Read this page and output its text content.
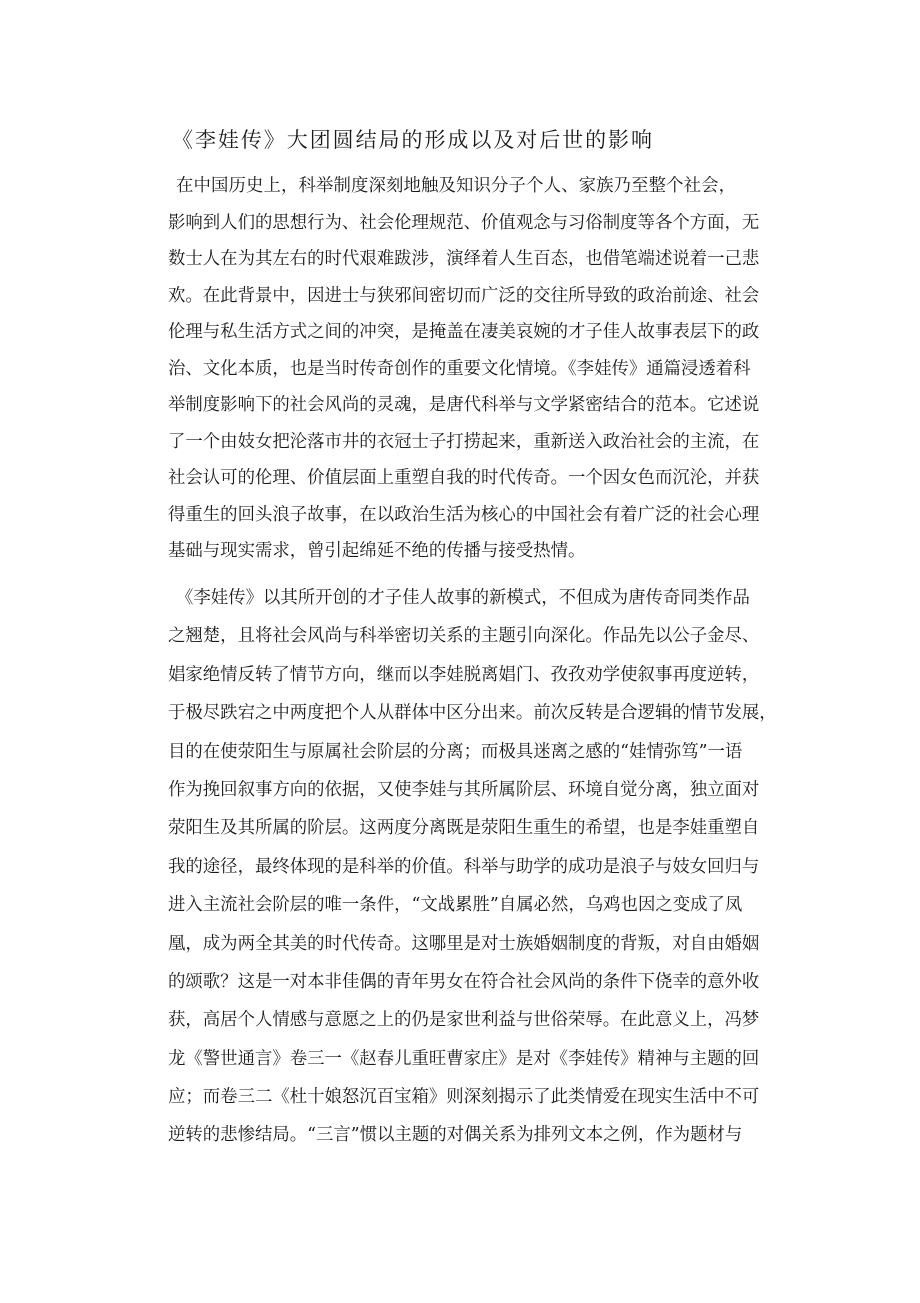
《李娃传》大团圆结局的形成以及对后世的影响
在中国历史上，科举制度深刻地触及知识分子个人、家族乃至整个社会，
影响到人们的思想行为、社会伦理规范、价值观念与习俗制度等各个方面，无
数士人在为其左右的时代艰难跋涉，演绎着人生百态，也借笔端述说着一己悲
欢。在此背景中，因进士与狭邪间密切而广泛的交往所导致的政治前途、社会
伦理与私生活方式之间的冲突，是掩盖在凄美哀婉的才子佳人故事表层下的政
治、文化本质，也是当时传奇创作的重要文化情境。《李娃传》通篇浸透着科
举制度影响下的社会风尚的灵魂，是唐代科举与文学紧密结合的范本。它述说
了一个由妓女把沦落市井的衣冠士子打捞起来，重新送入政治社会的主流，在
社会认可的伦理、价值层面上重塑自我的时代传奇。一个因女色而沉沦，并获
得重生的回头浪子故事，在以政治生活为核心的中国社会有着广泛的社会心理
基础与现实需求，曾引起绵延不绝的传播与接受热情。
《李娃传》以其所开创的才子佳人故事的新模式，不但成为唐传奇同类作品
之翘楚，且将社会风尚与科举密切关系的主题引向深化。作品先以公子金尽、
娼家绝情反转了情节方向，继而以李娃脱离娼门、孜孜劝学使叙事再度逆转，
于极尽跌宕之中两度把个人从群体中区分出来。前次反转是合逻辑的情节发展，
目的在使荥阳生与原属社会阶层的分离；而极具迷离之感的“娃情弥笃”一语
作为挽回叙事方向的依据，又使李娃与其所属阶层、环境自觉分离，独立面对
荥阳生及其所属的阶层。这两度分离既是荥阳生重生的希望，也是李娃重塑自
我的途径，最终体现的是科举的价值。科举与助学的成功是浪子与妓女回归与
进入主流社会阶层的唯一条件，“文战累胜”自属必然，乌鸡也因之变成了凤
凰，成为两全其美的时代传奇。这哪里是对士族婚姻制度的背叛，对自由婚姻
的颂歌？这是一对本非佳偶的青年男女在符合社会风尚的条件下侥幸的意外收
获，高居个人情感与意愿之上的仍是家世利益与世俗荣辱。在此意义上，冯梦
龙《警世通言》卷三一《赵春儿重旺曹家庄》是对《李娃传》精神与主题的回
应；而卷三二《杜十娘怒沉百宝箱》则深刻揭示了此类情爱在现实生活中不可
逆转的悲惨结局。“三言”惯以主题的对偶关系为排列文本之例，作为题材与
